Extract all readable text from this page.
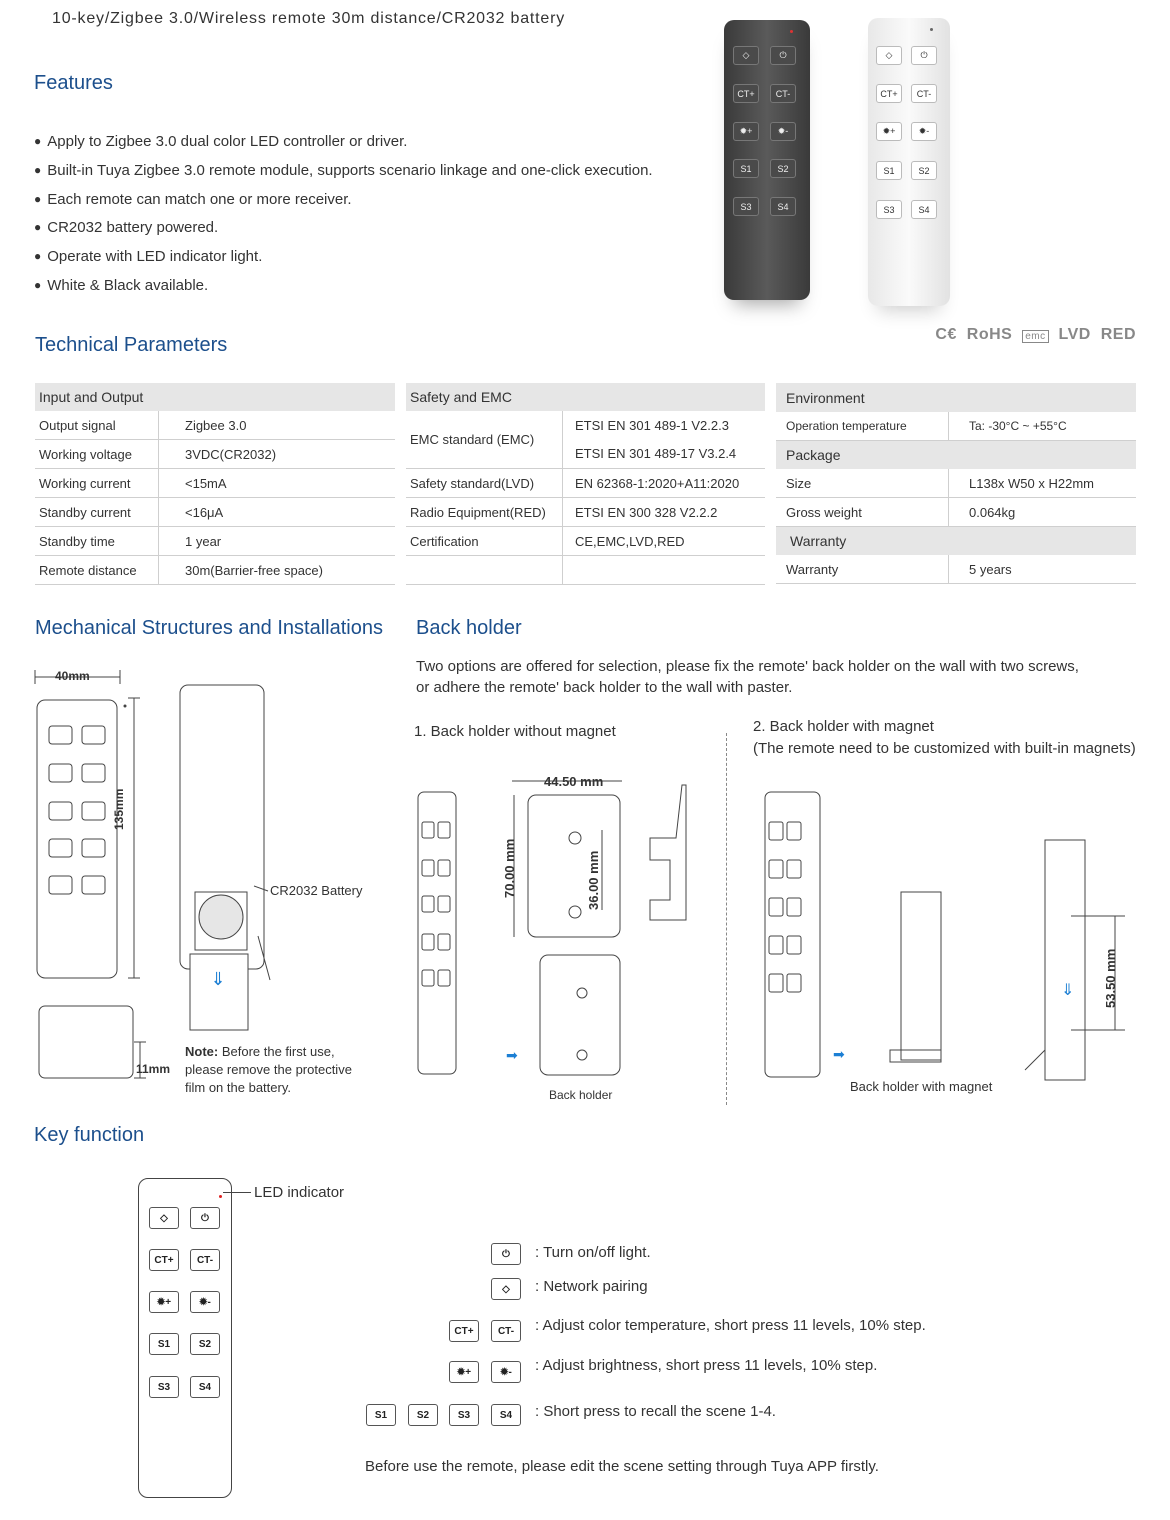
10-key/Zigbee 3.0/Wireless remote 30m distance/CR2032 battery
Features
● Apply to Zigbee 3.0 dual color LED controller or driver.
● Built-in Tuya Zigbee 3.0 remote module, supports scenario linkage and one-click execution.
● Each remote can match one or more receiver.
● CR2032 battery powered.
● Operate with LED indicator light.
● White & Black available.
◇	⏻
CT+	CT-
✹+	✹-
S1	S2
S3	S4
◇	⏻
CT+	CT-
✹+	✹-
S1	S2
S3	S4
C€ RoHS emc LVD RED
Technical Parameters
Input and Output	
Output signal	Zigbee 3.0
Working voltage	3VDC(CR2032)
Working current	<15mA
Standby current	<16μA
Standby time	1 year
Remote distance	30m(Barrier-free space)
Safety and EMC	
EMC standard (EMC)	ETSI EN 301 489-1 V2.2.3
	ETSI EN 301 489-17 V3.2.4
Safety standard(LVD)	EN 62368-1:2020+A11:2020
Radio Equipment(RED)	ETSI EN 300 328 V2.2.2
Certification	CE,EMC,LVD,RED

Environment	
Operation temperature	Ta: -30°C ~ +55°C
Package	
Size	L138x W50 x H22mm
Gross weight	0.064kg
Warranty	
Warranty	5 years
Mechanical Structures and Installations
⇓
40mm
135mm
11mm
CR2032 Battery
Note: Before the first use, please remove the protective film on the battery.
Back holder
Two options are offered for selection, please fix the remote' back holder on the wall with two screws,
or adhere the remote' back holder to the wall with paster.
1. Back holder without magnet	2. Back holder with magnet
(The remote need to be customized with built-in magnets)
➡
44.50 mm
70.00 mm	36.00 mm
Back holder
➡
⇓ 53.50 mm
Back holder with magnet
Key function
◇	⏻
CT+	CT-
✹+	✹-
S1	S2
S3	S4
LED indicator
⏻	: Turn on/off light.
◇	: Network pairing
CT+	CT-	: Adjust color temperature, short press 11 levels, 10% step.
✹+	✹-	: Adjust brightness, short press 11 levels, 10% step.
S1	S2	S3	S4	: Short press to recall the scene 1-4.
Before use the remote, please edit the scene setting through Tuya APP firstly.
